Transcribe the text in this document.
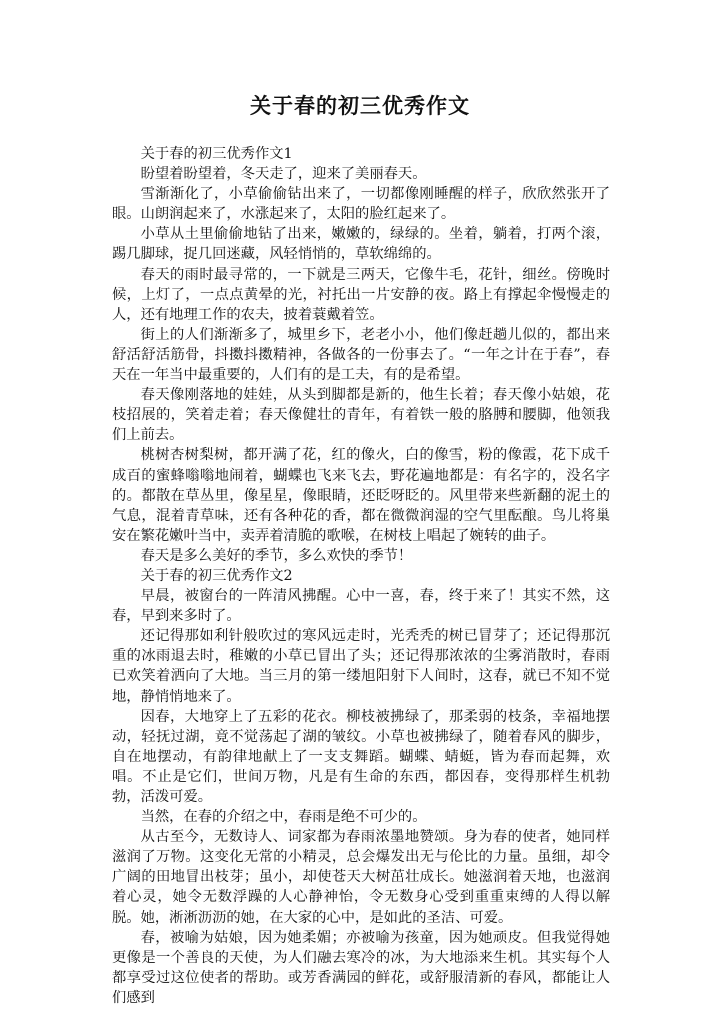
关于春的初三优秀作文

关于春的初三优秀作文1

盼望着盼望着，冬天走了，迎来了美丽春天。

雪渐渐化了，小草偷偷钻出来了，一切都像刚睡醒的样子，欣欣然张开了眼。山朗润起来了，水涨起来了，太阳的脸红起来了。

小草从土里偷偷地钻了出来，嫩嫩的，绿绿的。坐着，躺着，打两个滚，踢几脚球，捉几回迷藏，风轻悄悄的，草软绵绵的。

春天的雨时最寻常的，一下就是三两天，它像牛毛，花针，细丝。傍晚时候，上灯了，一点点黄晕的光，衬托出一片安静的夜。路上有撑起伞慢慢走的人，还有地理工作的农夫，披着蓑戴着笠。

街上的人们渐渐多了，城里乡下，老老小小，他们像赶趟儿似的，都出来舒活舒活筋骨，抖擞抖擞精神，各做各的一份事去了。“一年之计在于春”，春天在一年当中最重要的，人们有的是工夫，有的是希望。

春天像刚落地的娃娃，从头到脚都是新的，他生长着；春天像小姑娘，花枝招展的，笑着走着；春天像健壮的青年，有着铁一般的胳膊和腰脚，他领我们上前去。

桃树杏树梨树，都开满了花，红的像火，白的像雪，粉的像霞，花下成千成百的蜜蜂嗡嗡地闹着，蝴蝶也飞来飞去，野花遍地都是：有名字的，没名字的。都散在草丛里，像星星，像眼睛，还眨呀眨的。风里带来些新翻的泥土的气息，混着青草味，还有各种花的香，都在微微润湿的空气里酝酿。鸟儿将巢安在繁花嫩叶当中，卖弄着清脆的歌喉，在树枝上唱起了婉转的曲子。

春天是多么美好的季节，多么欢快的季节！

关于春的初三优秀作文2

早晨，被窗台的一阵清风拂醒。心中一喜，春，终于来了！其实不然，这春，早到来多时了。

还记得那如利针般吹过的寒风远走时，光秃秃的树已冒芽了；还记得那沉重的冰雨退去时，稚嫩的小草已冒出了头；还记得那浓浓的尘雾消散时，春雨已欢笑着洒向了大地。当三月的第一缕旭阳射下人间时，这春，就已不知不觉地，静悄悄地来了。

因春，大地穿上了五彩的花衣。柳枝被拂绿了，那柔弱的枝条，幸福地摆动，轻抚过湖，竟不觉荡起了湖的皱纹。小草也被拂绿了，随着春风的脚步，自在地摆动，有韵律地献上了一支支舞蹈。蝴蝶、蜻蜓，皆为春而起舞，欢唱。不止是它们，世间万物，凡是有生命的东西，都因春，变得那样生机勃勃，活泼可爱。

当然，在春的介绍之中，春雨是绝不可少的。

从古至今，无数诗人、词家都为春雨浓墨地赞颂。身为春的使者，她同样滋润了万物。这变化无常的小精灵，总会爆发出无与伦比的力量。虽细，却令广阔的田地冒出枝芽；虽小，却使苍天大树茁壮成长。她滋润着天地，也滋润着心灵，她令无数浮躁的人心静神怡，令无数身心受到重重束缚的人得以解脱。她，淅淅沥沥的她，在大家的心中，是如此的圣洁、可爱。

春，被喻为姑娘，因为她柔媚；亦被喻为孩童，因为她顽皮。但我觉得她更像是一个善良的天使，为人们融去寒冷的冰，为大地添来生机。其实每个人都享受过这位使者的帮助。或芳香满园的鲜花，或舒服清新的春风，都能让人们感到
